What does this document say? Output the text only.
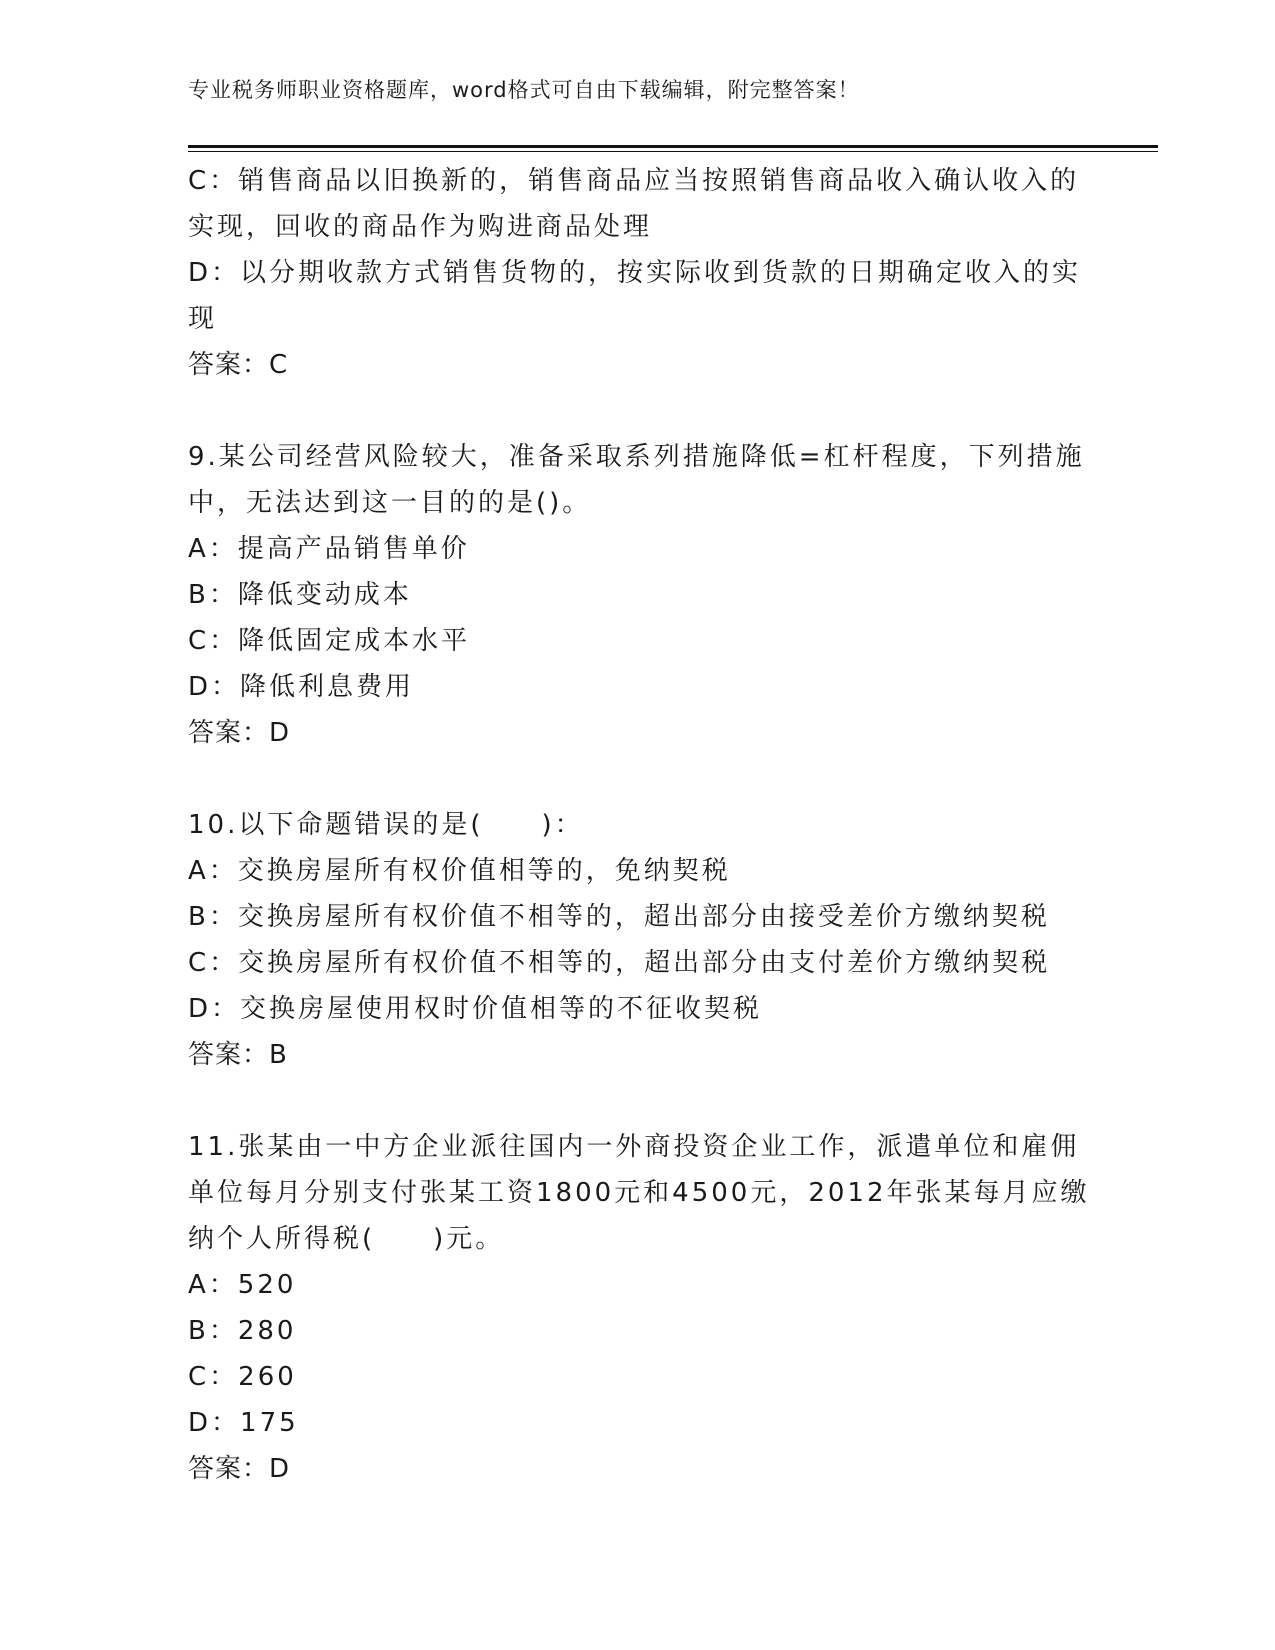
专业税务师职业资格题库，word格式可自由下载编辑，附完整答案！
C：销售商品以旧换新的，销售商品应当按照销售商品收入确认收入的
实现，回收的商品作为购进商品处理
D：以分期收款方式销售货物的，按实际收到货款的日期确定收入的实
现
答案：C
9.某公司经营风险较大，准备采取系列措施降低=杠杆程度，下列措施
中，无法达到这一目的的是()。
A：提高产品销售单价
B：降低变动成本
C：降低固定成本水平
D：降低利息费用
答案：D
10.以下命题错误的是(　　)：
A：交换房屋所有权价值相等的，免纳契税
B：交换房屋所有权价值不相等的，超出部分由接受差价方缴纳契税
C：交换房屋所有权价值不相等的，超出部分由支付差价方缴纳契税
D：交换房屋使用权时价值相等的不征收契税
答案：B
11.张某由一中方企业派往国内一外商投资企业工作，派遣单位和雇佣
单位每月分别支付张某工资1800元和4500元，2012年张某每月应缴
纳个人所得税(　　)元。
A：520
B：280
C：260
D：175
答案：D
